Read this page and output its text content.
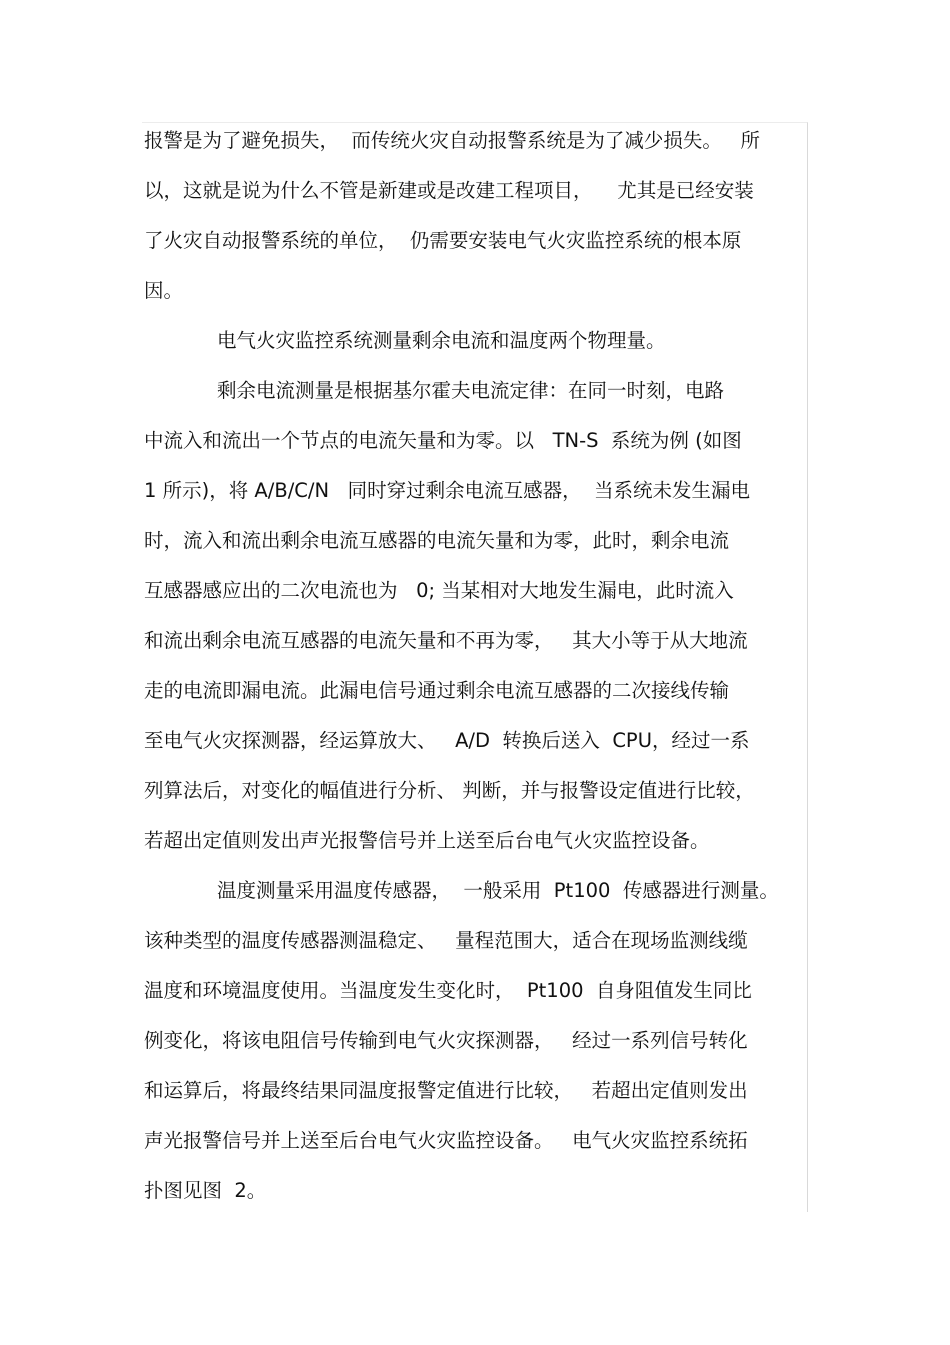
报警是为了避免损失，  而传统火灾自动报警系统是为了减少损失。   所
以，这就是说为什么不管是新建或是改建工程项目，    尤其是已经安装
了火灾自动报警系统的单位，  仍需要安装电气火灾监控系统的根本原
因。
电气火灾监控系统测量剩余电流和温度两个物理量。
剩余电流测量是根据基尔霍夫电流定律：在同一时刻，电路
中流入和流出一个节点的电流矢量和为零。以   TN-S  系统为例 (如图
1 所示)，将 A/B/C/N   同时穿过剩余电流互感器，  当系统未发生漏电
时，流入和流出剩余电流互感器的电流矢量和为零，此时，剩余电流
互感器感应出的二次电流也为   0; 当某相对大地发生漏电，此时流入
和流出剩余电流互感器的电流矢量和不再为零，   其大小等于从大地流
走的电流即漏电流。此漏电信号通过剩余电流互感器的二次接线传输
至电气火灾探测器，经运算放大、   A/D  转换后送入  CPU，经过一系
列算法后，对变化的幅值进行分析、 判断，并与报警设定值进行比较，
若超出定值则发出声光报警信号并上送至后台电气火灾监控设备。
温度测量采用温度传感器，  一般采用  Pt100  传感器进行测量。
该种类型的温度传感器测温稳定、   量程范围大，适合在现场监测线缆
温度和环境温度使用。当温度发生变化时，  Pt100  自身阻值发生同比
例变化，将该电阻信号传输到电气火灾探测器，   经过一系列信号转化
和运算后，将最终结果同温度报警定值进行比较，   若超出定值则发出
声光报警信号并上送至后台电气火灾监控设备。   电气火灾监控系统拓
扑图见图  2。
